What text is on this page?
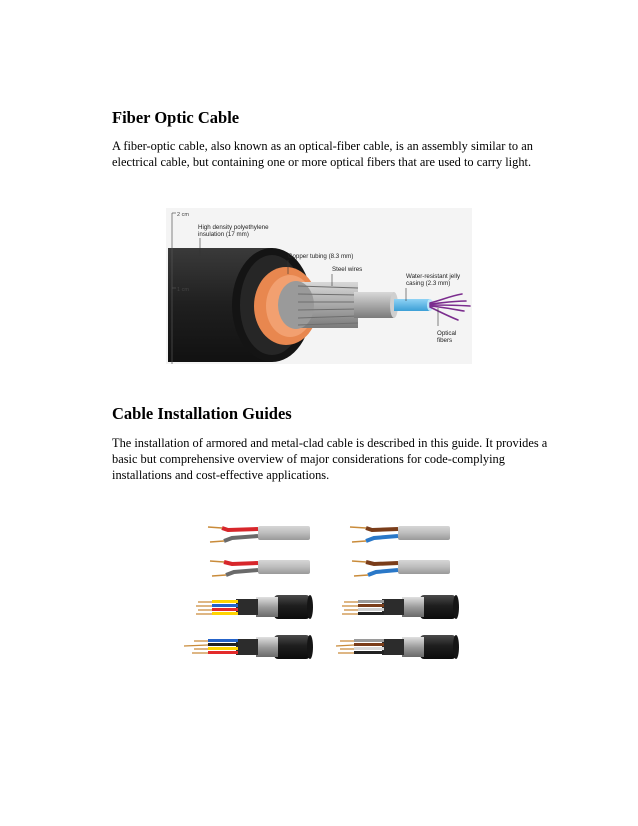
Fiber Optic Cable

A fiber-optic cable, also known as an optical-fiber cable, is an assembly similar to an
electrical cable, but containing one or more optical fibers that are used to carry light.

2 cm
1 cm
High density polyethylene
insulation (17 mm)
Copper tubing (8.3 mm)
Steel wires
Water-resistant jelly
casing (2.3 mm)
Optical
fibers
Cable Installation Guides

The installation of armored and metal-clad cable is described in this guide. It provides a
basic but comprehensive overview of major considerations for code-complying
installations and cost-effective applications.
